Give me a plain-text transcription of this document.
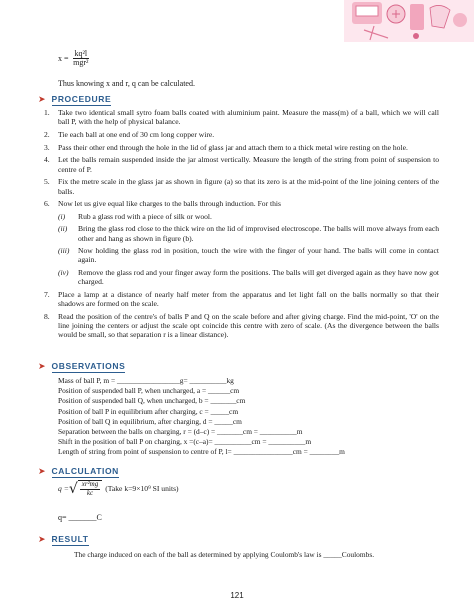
$x = \frac{\text{kq²l}}{\text{mgr²}}$
Thus knowing x and r, q can be calculated.
➤ PROCEDURE
1.	Take two identical small sytro foam balls coated with aluminium paint. Measure the mass(m) of a ball, which we will call ball P, with the help of physical balance.
2.	Tie each ball at one end of 30 cm long copper wire.
3.	Pass their other end through the hole in the lid of glass jar and attach them to a thick metal wire resting on the hole.
4.	Let the balls remain suspended inside the jar almost vertically. Measure the length of the string from point of suspension to centre of P.
5.	Fix the metre scale in the glass jar as shown in figure (a) so that its zero is at the mid-point of the line joining centers of the balls.
6.	Now let us give equal like charges to the balls through induction. For this
(i)	Rub a glass rod with a piece of silk or wool.
(ii)	Bring the glass rod close to the thick wire on the lid of improvised electroscope. The balls will move always from each other and hang as shown in figure (b).
(iii)	Now holding the glass rod in position, touch the wire with the finger of your hand. The balls will come in contact again.
(iv)	Remove the glass rod and your finger away form the positions. The balls will get diverged again as they have now got charged.
7.	Place a lamp at a distance of nearly half meter from the apparatus and let light fall on the balls normally so that their shadows are formed on the scale.
8.	Read the position of the centre's of balls P and Q on the scale before and after giving charge. Find the mid-point, 'O' on the line joining the centers or adjust the scale opt coincide this centre with zero of scale. (As the divergence between the balls would be small, so that separation r is a linear distance).
➤ OBSERVATIONS
Mass of ball P, m = _________________g= __________kg
Position of suspended ball P, when uncharged, a = ______cm
Position of suspended ball Q, when uncharged, b = _______cm
Position of ball P in equilibrium after charging, c = _____cm
Position of ball Q in equilibrium, after charging, d = _____cm
Separation between the balls on charging, r = (d–c) = _______cm = __________m
Shift in the position of ball P on charging, x =(c–a)= __________cm = __________m
Length of string from point of suspension to centre of P, l= ________________cm = ________m
➤ CALCULATION
q = √ xr²mg
kc (Take k=9×10⁹ SI units)
q= _______C
➤ RESULT
The charge induced on each of the ball as determined by applying Coulomb's law is _____Coulombs.
121
